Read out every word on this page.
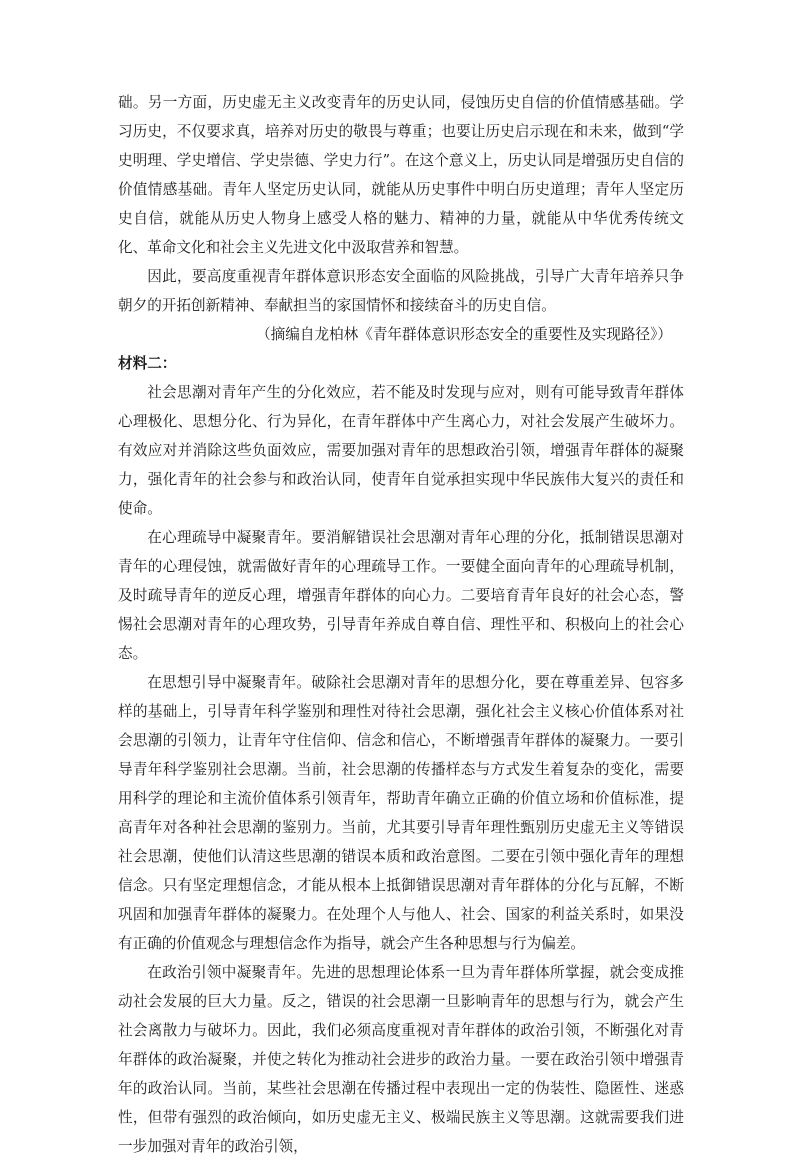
础。另一方面，历史虚无主义改变青年的历史认同，侵蚀历史自信的价值情感基础。学习历史，不仅要求真，培养对历史的敬畏与尊重；也要让历史启示现在和未来，做到“学史明理、学史增信、学史崇德、学史力行”。在这个意义上，历史认同是增强历史自信的价值情感基础。青年人坚定历史认同，就能从历史事件中明白历史道理；青年人坚定历史自信，就能从历史人物身上感受人格的魅力、精神的力量，就能从中华优秀传统文化、革命文化和社会主义先进文化中汲取营养和智慧。

因此，要高度重视青年群体意识形态安全面临的风险挑战，引导广大青年培养只争朝夕的开拓创新精神、奉献担当的家国情怀和接续奋斗的历史自信。

（摘编自龙柏林《青年群体意识形态安全的重要性及实现路径》）

材料二：

社会思潮对青年产生的分化效应，若不能及时发现与应对，则有可能导致青年群体心理极化、思想分化、行为异化，在青年群体中产生离心力，对社会发展产生破坏力。有效应对并消除这些负面效应，需要加强对青年的思想政治引领，增强青年群体的凝聚力，强化青年的社会参与和政治认同，使青年自觉承担实现中华民族伟大复兴的责任和使命。

在心理疏导中凝聚青年。要消解错误社会思潮对青年心理的分化，抵制错误思潮对青年的心理侵蚀，就需做好青年的心理疏导工作。一要健全面向青年的心理疏导机制，及时疏导青年的逆反心理，增强青年群体的向心力。二要培育青年良好的社会心态，警惕社会思潮对青年的心理攻势，引导青年养成自尊自信、理性平和、积极向上的社会心态。

在思想引导中凝聚青年。破除社会思潮对青年的思想分化，要在尊重差异、包容多样的基础上，引导青年科学鉴别和理性对待社会思潮，强化社会主义核心价值体系对社会思潮的引领力，让青年守住信仰、信念和信心，不断增强青年群体的凝聚力。一要引导青年科学鉴别社会思潮。当前，社会思潮的传播样态与方式发生着复杂的变化，需要用科学的理论和主流价值体系引领青年，帮助青年确立正确的价值立场和价值标准，提高青年对各种社会思潮的鉴别力。当前，尤其要引导青年理性甄别历史虚无主义等错误社会思潮，使他们认清这些思潮的错误本质和政治意图。二要在引领中强化青年的理想信念。只有坚定理想信念，才能从根本上抵御错误思潮对青年群体的分化与瓦解，不断巩固和加强青年群体的凝聚力。在处理个人与他人、社会、国家的利益关系时，如果没有正确的价值观念与理想信念作为指导，就会产生各种思想与行为偏差。

在政治引领中凝聚青年。先进的思想理论体系一旦为青年群体所掌握，就会变成推动社会发展的巨大力量。反之，错误的社会思潮一旦影响青年的思想与行为，就会产生社会离散力与破坏力。因此，我们必须高度重视对青年群体的政治引领，不断强化对青年群体的政治凝聚，并使之转化为推动社会进步的政治力量。一要在政治引领中增强青年的政治认同。当前，某些社会思潮在传播过程中表现出一定的伪装性、隐匿性、迷惑性，但带有强烈的政治倾向，如历史虚无主义、极端民族主义等思潮。这就需要我们进一步加强对青年的政治引领，
